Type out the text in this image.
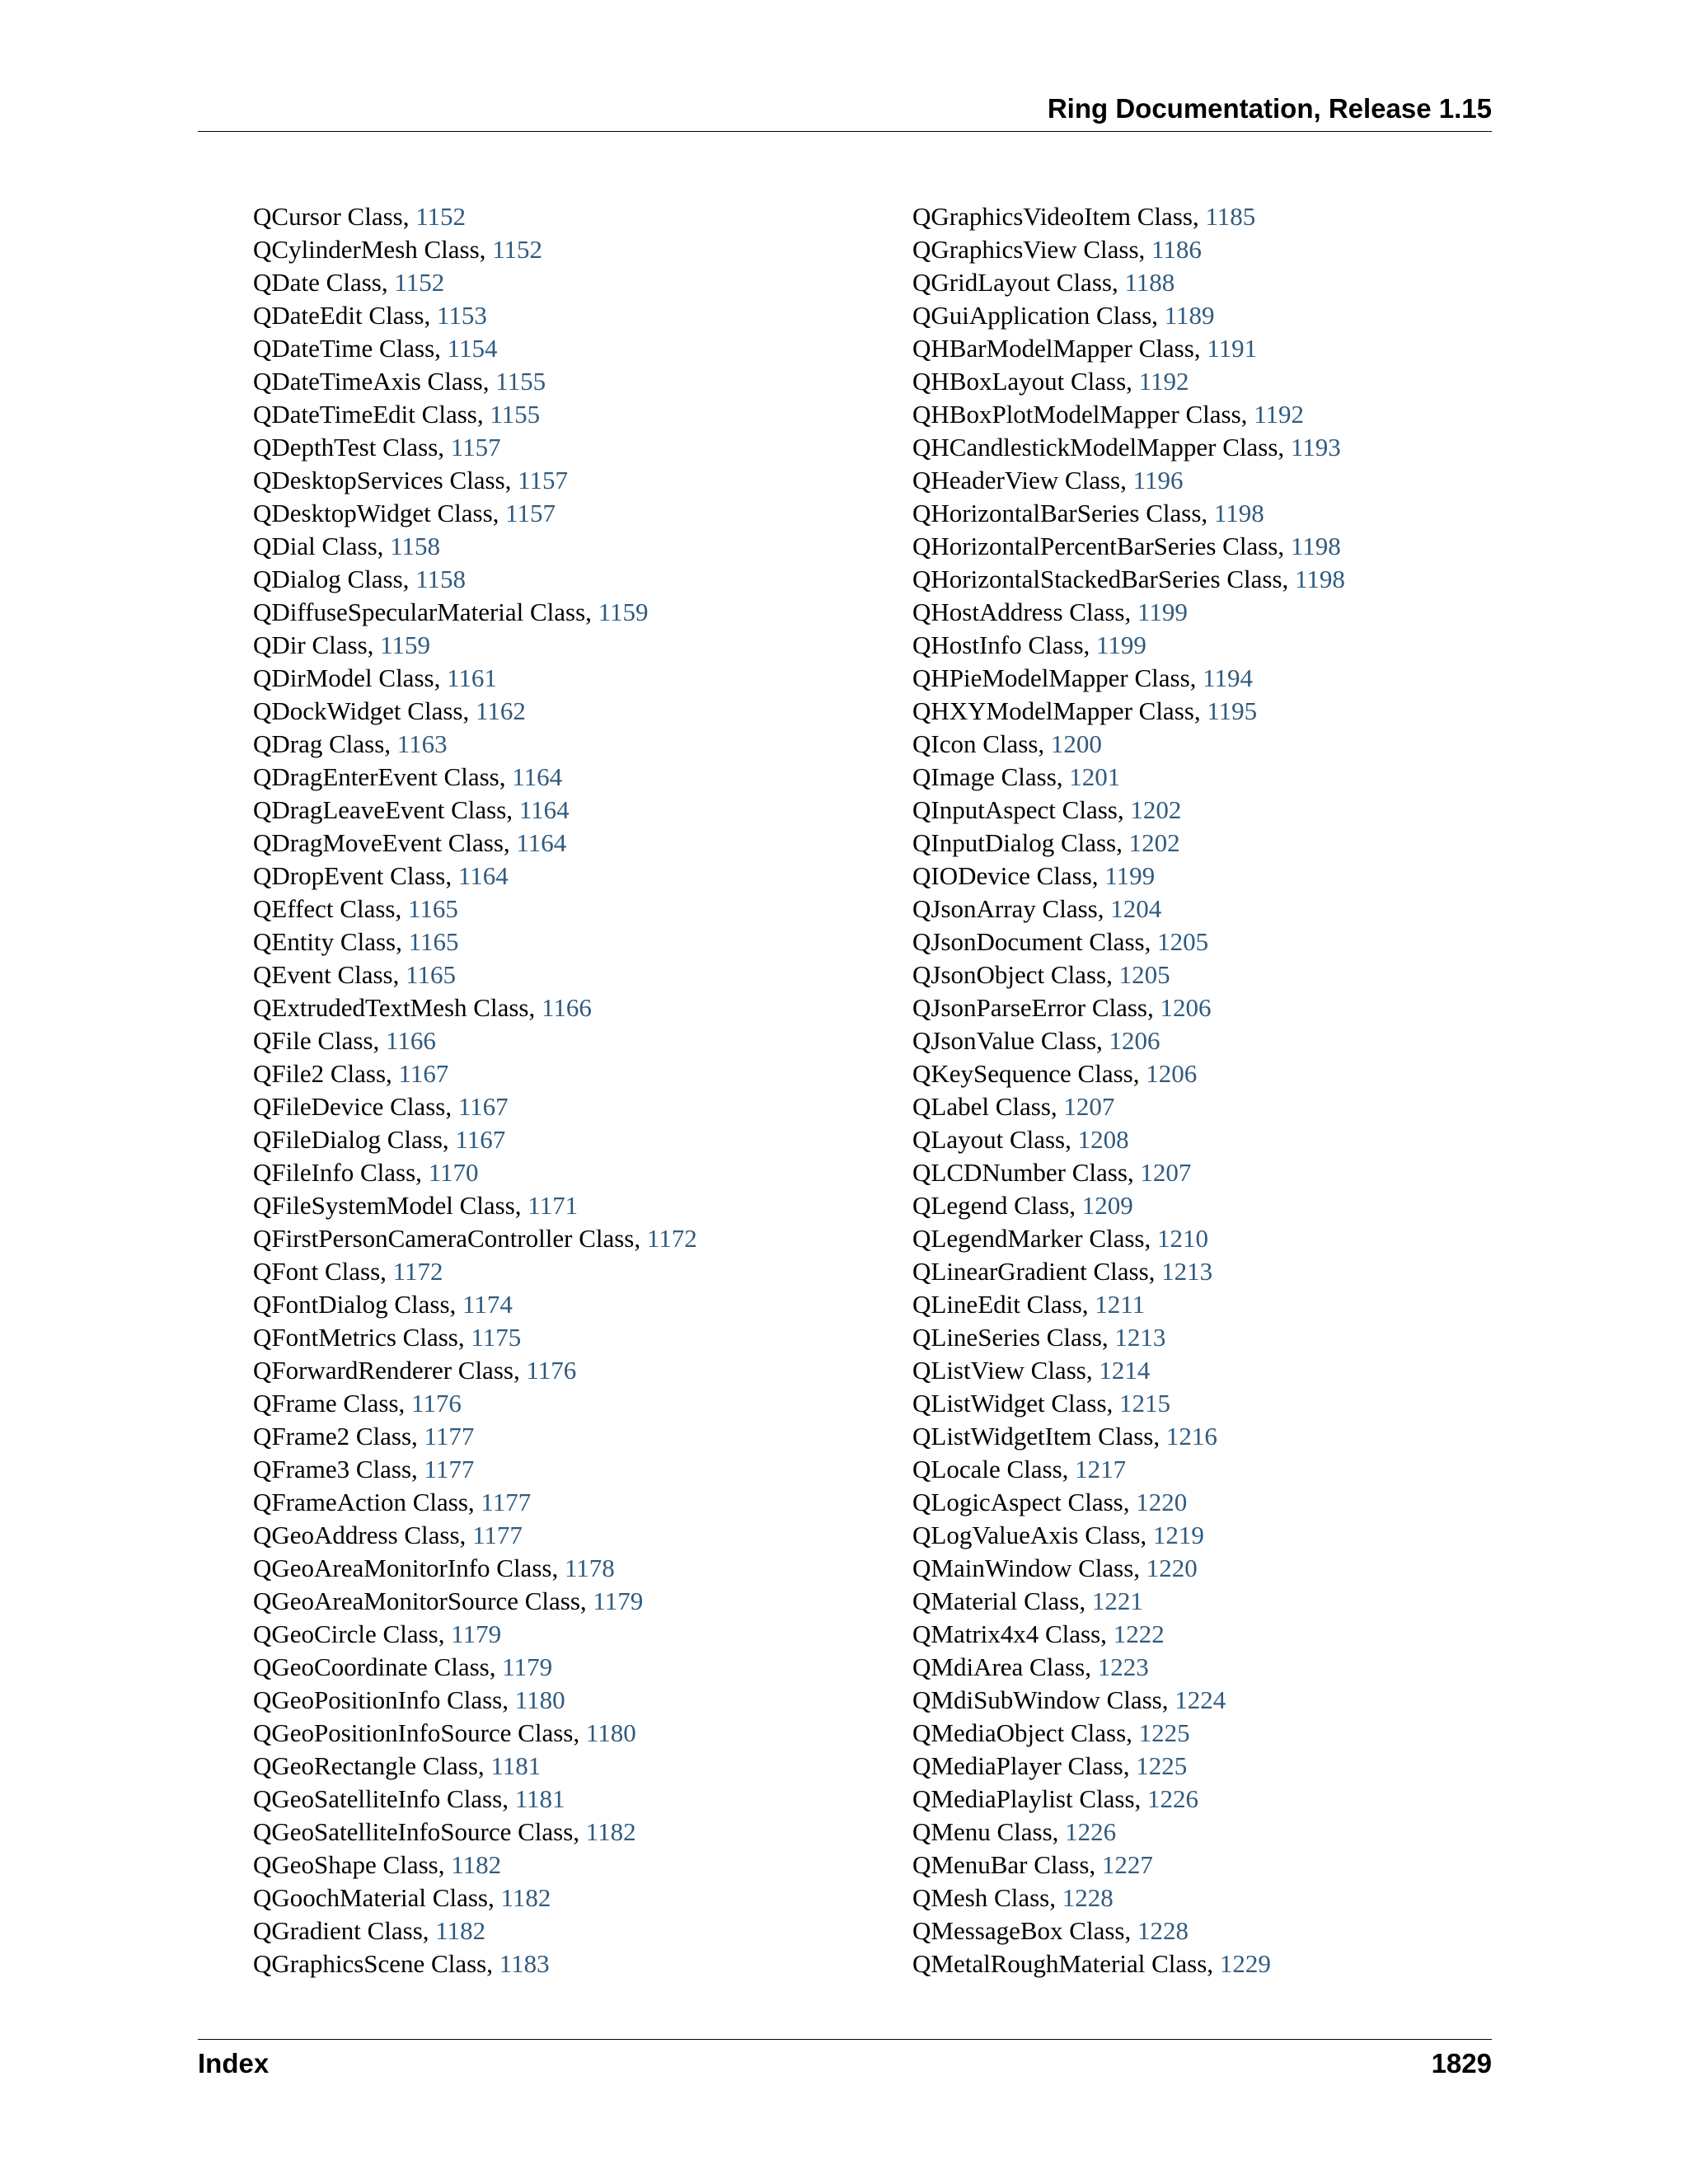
Ring Documentation, Release 1.15
QCursor Class, 1152
QCylinderMesh Class, 1152
QDate Class, 1152
QDateEdit Class, 1153
QDateTime Class, 1154
QDateTimeAxis Class, 1155
QDateTimeEdit Class, 1155
QDepthTest Class, 1157
QDesktopServices Class, 1157
QDesktopWidget Class, 1157
QDial Class, 1158
QDialog Class, 1158
QDiffuseSpecularMaterial Class, 1159
QDir Class, 1159
QDirModel Class, 1161
QDockWidget Class, 1162
QDrag Class, 1163
QDragEnterEvent Class, 1164
QDragLeaveEvent Class, 1164
QDragMoveEvent Class, 1164
QDropEvent Class, 1164
QEffect Class, 1165
QEntity Class, 1165
QEvent Class, 1165
QExtrudedTextMesh Class, 1166
QFile Class, 1166
QFile2 Class, 1167
QFileDevice Class, 1167
QFileDialog Class, 1167
QFileInfo Class, 1170
QFileSystemModel Class, 1171
QFirstPersonCameraController Class, 1172
QFont Class, 1172
QFontDialog Class, 1174
QFontMetrics Class, 1175
QForwardRenderer Class, 1176
QFrame Class, 1176
QFrame2 Class, 1177
QFrame3 Class, 1177
QFrameAction Class, 1177
QGeoAddress Class, 1177
QGeoAreaMonitorInfo Class, 1178
QGeoAreaMonitorSource Class, 1179
QGeoCircle Class, 1179
QGeoCoordinate Class, 1179
QGeoPositionInfo Class, 1180
QGeoPositionInfoSource Class, 1180
QGeoRectangle Class, 1181
QGeoSatelliteInfo Class, 1181
QGeoSatelliteInfoSource Class, 1182
QGeoShape Class, 1182
QGoochMaterial Class, 1182
QGradient Class, 1182
QGraphicsScene Class, 1183
QGraphicsVideoItem Class, 1185
QGraphicsView Class, 1186
QGridLayout Class, 1188
QGuiApplication Class, 1189
QHBarModelMapper Class, 1191
QHBoxLayout Class, 1192
QHBoxPlotModelMapper Class, 1192
QHCandlestickModelMapper Class, 1193
QHeaderView Class, 1196
QHorizontalBarSeries Class, 1198
QHorizontalPercentBarSeries Class, 1198
QHorizontalStackedBarSeries Class, 1198
QHostAddress Class, 1199
QHostInfo Class, 1199
QHPieModelMapper Class, 1194
QHXYModelMapper Class, 1195
QIcon Class, 1200
QImage Class, 1201
QInputAspect Class, 1202
QInputDialog Class, 1202
QIODevice Class, 1199
QJsonArray Class, 1204
QJsonDocument Class, 1205
QJsonObject Class, 1205
QJsonParseError Class, 1206
QJsonValue Class, 1206
QKeySequence Class, 1206
QLabel Class, 1207
QLayout Class, 1208
QLCDNumber Class, 1207
QLegend Class, 1209
QLegendMarker Class, 1210
QLinearGradient Class, 1213
QLineEdit Class, 1211
QLineSeries Class, 1213
QListView Class, 1214
QListWidget Class, 1215
QListWidgetItem Class, 1216
QLocale Class, 1217
QLogicAspect Class, 1220
QLogValueAxis Class, 1219
QMainWindow Class, 1220
QMaterial Class, 1221
QMatrix4x4 Class, 1222
QMdiArea Class, 1223
QMdiSubWindow Class, 1224
QMediaObject Class, 1225
QMediaPlayer Class, 1225
QMediaPlaylist Class, 1226
QMenu Class, 1226
QMenuBar Class, 1227
QMesh Class, 1228
QMessageBox Class, 1228
QMetalRoughMaterial Class, 1229
Index	1829
